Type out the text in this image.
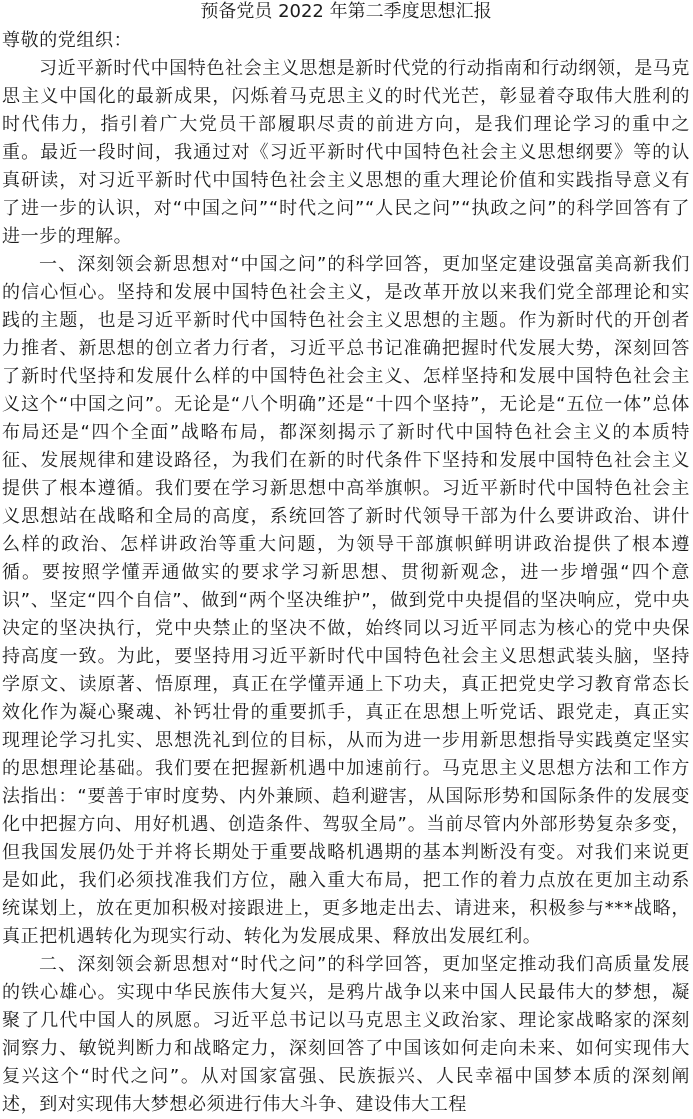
预备党员 2022 年第二季度思想汇报

尊敬的党组织：

习近平新时代中国特色社会主义思想是新时代党的行动指南和行动纲领，是马克思主义中国化的最新成果，闪烁着马克思主义的时代光芒，彰显着夺取伟大胜利的时代伟力，指引着广大党员干部履职尽责的前进方向，是我们理论学习的重中之重。最近一段时间，我通过对《习近平新时代中国特色社会主义思想纲要》等的认真研读，对习近平新时代中国特色社会主义思想的重大理论价值和实践指导意义有了进一步的认识，对“中国之问”“时代之问”“人民之问”“执政之问”的科学回答有了进一步的理解。

一、深刻领会新思想对“中国之问”的科学回答，更加坚定建设强富美高新我们的信心恒心。坚持和发展中国特色社会主义，是改革开放以来我们党全部理论和实践的主题，也是习近平新时代中国特色社会主义思想的主题。作为新时代的开创者力推者、新思想的创立者力行者，习近平总书记准确把握时代发展大势，深刻回答了新时代坚持和发展什么样的中国特色社会主义、怎样坚持和发展中国特色社会主义这个“中国之问”。无论是“八个明确”还是“十四个坚持”，无论是“五位一体”总体布局还是“四个全面”战略布局，都深刻揭示了新时代中国特色社会主义的本质特征、发展规律和建设路径，为我们在新的时代条件下坚持和发展中国特色社会主义提供了根本遵循。我们要在学习新思想中高举旗帜。习近平新时代中国特色社会主义思想站在战略和全局的高度，系统回答了新时代领导干部为什么要讲政治、讲什么样的政治、怎样讲政治等重大问题，为领导干部旗帜鲜明讲政治提供了根本遵循。要按照学懂弄通做实的要求学习新思想、贯彻新观念，进一步增强“四个意识”、坚定“四个自信”、做到“两个坚决维护”，做到党中央提倡的坚决响应，党中央决定的坚决执行，党中央禁止的坚决不做，始终同以习近平同志为核心的党中央保持高度一致。为此，要坚持用习近平新时代中国特色社会主义思想武装头脑，坚持学原文、读原著、悟原理，真正在学懂弄通上下功夫，真正把党史学习教育常态长效化作为凝心聚魂、补钙壮骨的重要抓手，真正在思想上听党话、跟党走，真正实现理论学习扎实、思想洗礼到位的目标，从而为进一步用新思想指导实践奠定坚实的思想理论基础。我们要在把握新机遇中加速前行。马克思主义思想方法和工作方法指出：“要善于审时度势、内外兼顾、趋利避害，从国际形势和国际条件的发展变化中把握方向、用好机遇、创造条件、驾驭全局”。当前尽管内外部形势复杂多变，但我国发展仍处于并将长期处于重要战略机遇期的基本判断没有变。对我们来说更是如此，我们必须找准我们方位，融入重大布局，把工作的着力点放在更加主动系统谋划上，放在更加积极对接跟进上，更多地走出去、请进来，积极参与***战略，真正把机遇转化为现实行动、转化为发展成果、释放出发展红利。

二、深刻领会新思想对“时代之问”的科学回答，更加坚定推动我们高质量发展的铁心雄心。实现中华民族伟大复兴，是鸦片战争以来中国人民最伟大的梦想，凝聚了几代中国人的夙愿。习近平总书记以马克思主义政治家、理论家战略家的深刻洞察力、敏锐判断力和战略定力，深刻回答了中国该如何走向未来、如何实现伟大复兴这个“时代之问”。从对国家富强、民族振兴、人民幸福中国梦本质的深刻阐述，到对实现伟大梦想必须进行伟大斗争、建设伟大工程
